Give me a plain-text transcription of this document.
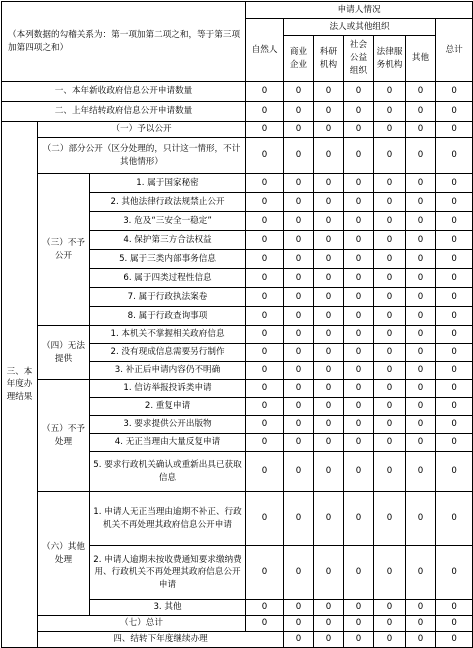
（本列数据的勾稽关系为：第一项加第二项之和，等于第三项加第四项之和）			申请人情况							
			自然人	法人或其他组织					总计	
				商业企业	科研机构	社会公益组织	法律服务机构	其他		
一、本年新收政府信息公开申请数量			0	0	0	0	0	0	0	
二、上年结转政府信息公开申请数量			0	0	0	0	0	0	0	
三、本年度办理结果	（一）予以公开		0	0	0	0	0	0	0	
	（二）部分公开（区分处理的，只计这一情形，不计其他情形）		0	0	0	0	0	0	0	
	（三）不予公开	1. 属于国家秘密	0	0	0	0	0	0	0	
		2. 其他法律行政法规禁止公开	0	0	0	0	0	0	0	
		3. 危及“三安全一稳定”	0	0	0	0	0	0	0	
		4. 保护第三方合法权益	0	0	0	0	0	0	0	
		5. 属于三类内部事务信息	0	0	0	0	0	0	0	
		6. 属于四类过程性信息	0	0	0	0	0	0	0	
		7. 属于行政执法案卷	0	0	0	0	0	0	0	
		8. 属于行政查询事项	0	0	0	0	0	0	0	
	（四）无法提供	1. 本机关不掌握相关政府信息	0	0	0	0	0	0	0	
		2. 没有现成信息需要另行制作	0	0	0	0	0	0	0	
		3. 补正后申请内容仍不明确	0	0	0	0	0	0	0	
	（五）不予处理	1. 信访举报投诉类申请	0	0	0	0	0	0	0	
		2. 重复申请	0	0	0	0	0	0	0	
		3. 要求提供公开出版物	0	0	0	0	0	0	0	
		4. 无正当理由大量反复申请	0	0	0	0	0	0	0	
		5. 要求行政机关确认或重新出具已获取信息	0	0	0	0	0	0	0	
	（六）其他处理	1. 申请人无正当理由逾期不补正、行政机关不再处理其政府信息公开申请	0	0	0	0	0	0	0	
		2. 申请人逾期未按收费通知要求缴纳费用、行政机关不再处理其政府信息公开申请	0	0	0	0	0	0	0	
		3. 其他	0	0	0	0	0	0	0	
	（七）总计		0	0	0	0	0	0	0	
	四、结转下年度继续办理			0	0	0	0	0	0	
